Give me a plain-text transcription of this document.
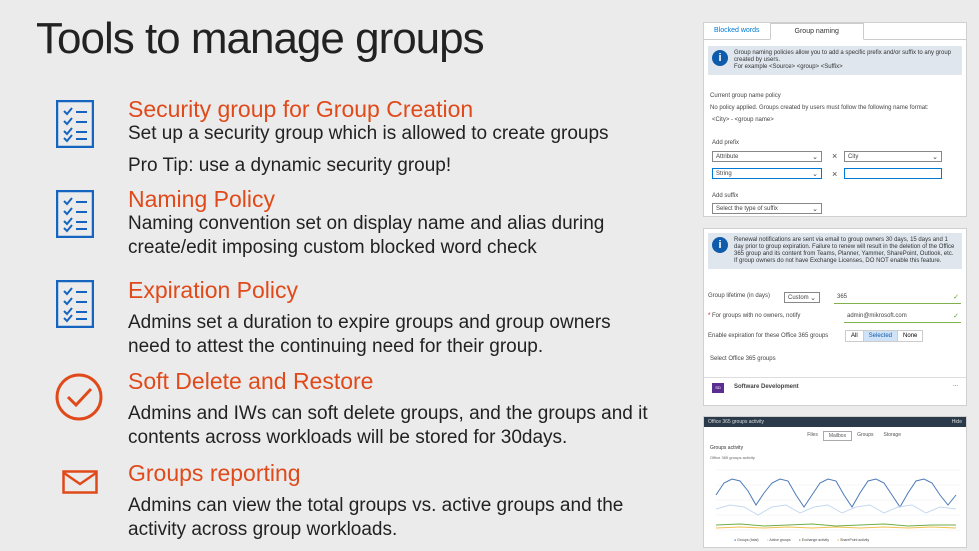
Tools to manage groups

Security group for Group Creation

Set up a security group which is allowed to create groups

Pro Tip: use a dynamic security group!

Naming Policy

Naming convention set on display name and alias during

create/edit imposing custom blocked word check

Expiration Policy

Admins set a duration to expire groups and group owners

need to attest the continuing need for their group.

Soft Delete and Restore

Admins and IWs can soft delete groups, and the groups and it

contents across workloads will be stored for 30days.

Groups reporting

Admins can view the total groups vs. active groups and the

activity across group workloads.

Blocked words	Group naming
i	Group naming policies allow you to add a specific prefix and/or suffix to any group created by users.
For example <Source> <group> <Suffix>
Current group name policy
No policy applied. Groups created by users must follow the following name format:
<City> - <group name>
Add prefix
Attribute	⌄ ×	City	⌄
String	⌄ ×
Add suffix
Select the type of suffix	⌄
i	Renewal notifications are sent via email to group owners 30 days, 15 days and 1 day prior to group expiration. Failure to renew will result in the deletion of the Office 365 group and its content from Teams, Planner, Yammer, SharePoint, Outlook, etc. If group owners do not have Exchange Licenses, DO NOT enable this feature.
Group lifetime (in days)	Custom ⌄	365	✓
* For groups with no owners, notify	admin@mikrosoft.com	✓
Enable expiration for these Office 365 groups	All	Selected	None
Select Office 365 groups
SD	Software Development	...
Office 365 groups activity	Hide
Files	Mailbox	Groups	Storage
Groups activity
Office 365 groups activity
● Groups (total) ● Active groups ● Exchange activity ● SharePoint activity
